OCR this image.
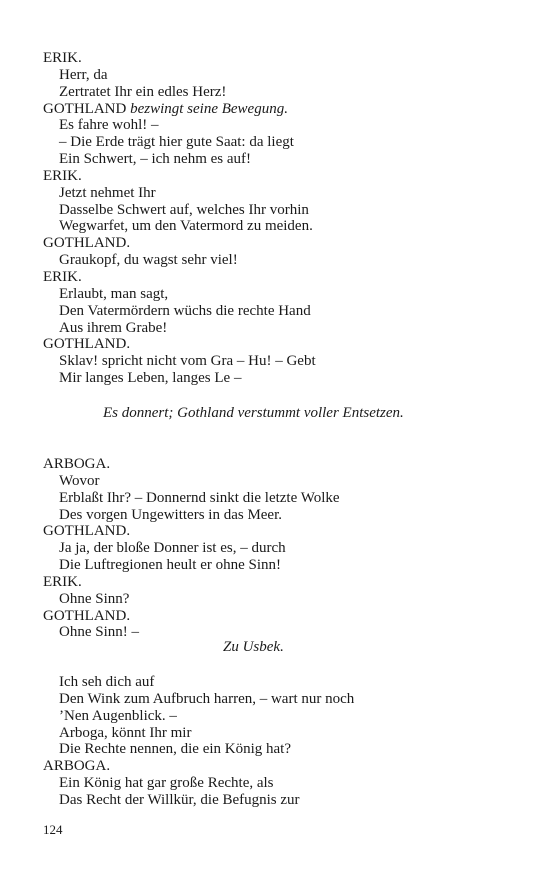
ERIK.
Herr, da
Zertratet Ihr ein edles Herz!
GOTHLAND bezwingt seine Bewegung.
Es fahre wohl! –
– Die Erde trägt hier gute Saat: da liegt
Ein Schwert, – ich nehm es auf!
ERIK.
Jetzt nehmet Ihr
Dasselbe Schwert auf, welches Ihr vorhin
Wegwarfet, um den Vatermord zu meiden.
GOTHLAND.
Graukopf, du wagst sehr viel!
ERIK.
Erlaubt, man sagt,
Den Vatermördern wüchs die rechte Hand
Aus ihrem Grabe!
GOTHLAND.
Sklav! spricht nicht vom Gra – Hu! – Gebt
Mir langes Leben, langes Le –
Es donnert; Gothland verstummt voller Entsetzen.
ARBOGA.
Wovor
Erblaßt Ihr? – Donnernd sinkt die letzte Wolke
Des vorgen Ungewitters in das Meer.
GOTHLAND.
Ja ja, der bloße Donner ist es, – durch
Die Luftregionen heult er ohne Sinn!
ERIK.
Ohne Sinn?
GOTHLAND.
Ohne Sinn! –
Zu Usbek.
Ich seh dich auf
Den Wink zum Aufbruch harren, – wart nur noch
’Nen Augenblick. –
Arboga, könnt Ihr mir
Die Rechte nennen, die ein König hat?
ARBOGA.
Ein König hat gar große Rechte, als
Das Recht der Willkür, die Befugnis zur
124
